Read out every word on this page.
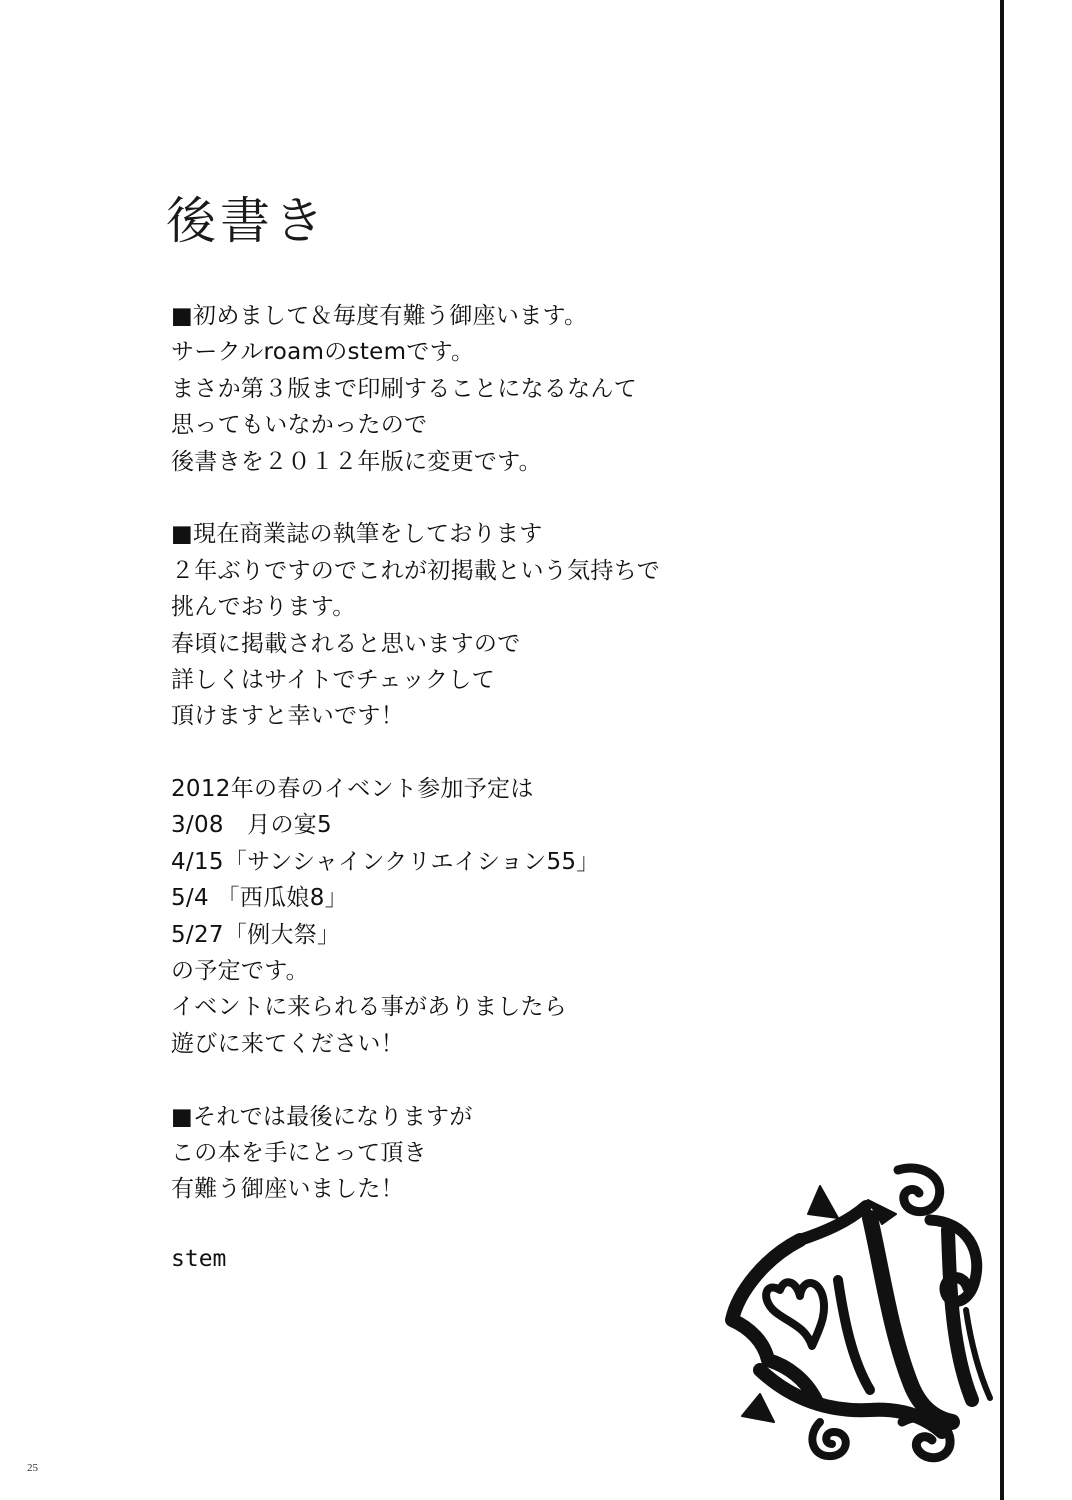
後書き
■初めまして＆毎度有難う御座います。
サークルroamのstemです。
まさか第３版まで印刷することになるなんて
思ってもいなかったので
後書きを２０１２年版に変更です。
■現在商業誌の執筆をしております
２年ぶりですのでこれが初掲載という気持ちで
挑んでおります。
春頃に掲載されると思いますので
詳しくはサイトでチェックして
頂けますと幸いです！
2012年の春のイベント参加予定は
3/08　月の宴5
4/15「サンシャインクリエイション55」
5/4 「西瓜娘8」
5/27「例大祭」
の予定です。
イベントに来られる事がありましたら
遊びに来てください！
■それでは最後になりますが
この本を手にとって頂き
有難う御座いました！
stem
25
